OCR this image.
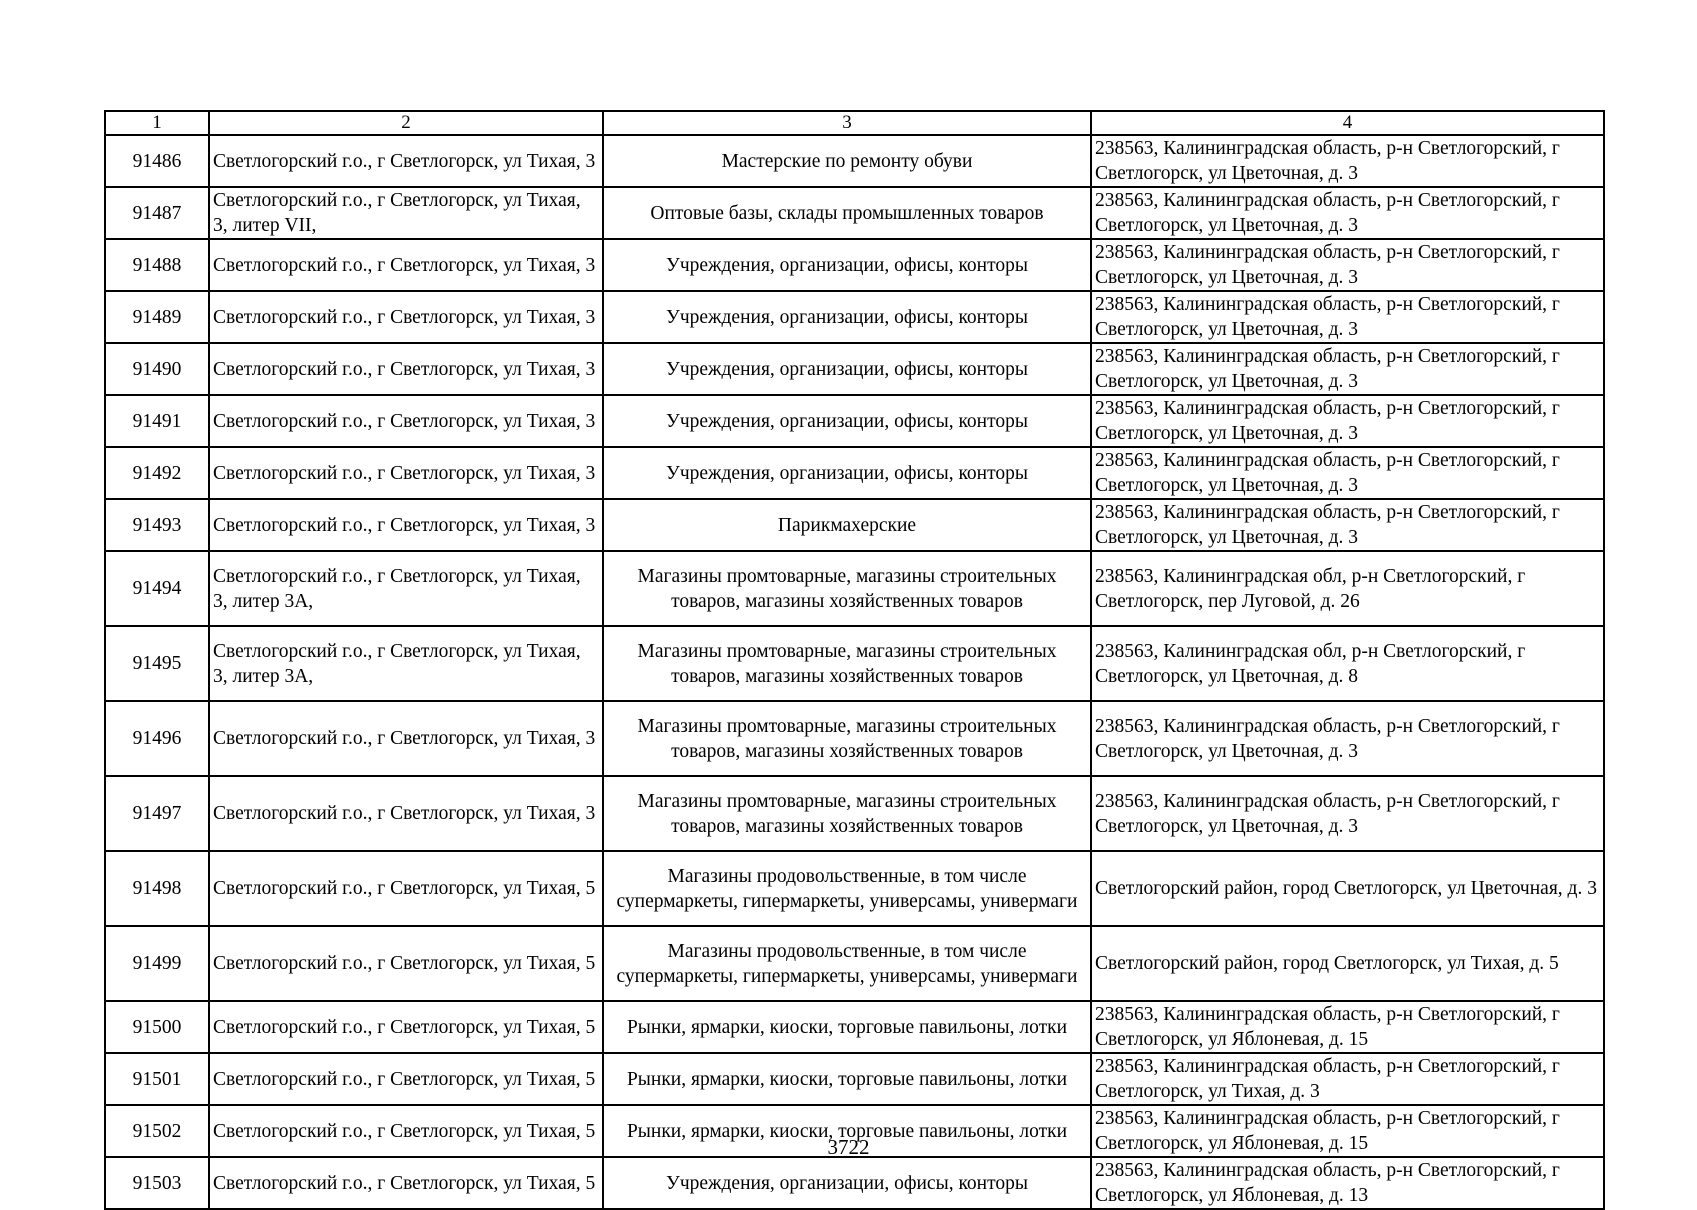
1	2	3	4
91486	Светлогорский г.о., г Светлогорск, ул Тихая, 3	Мастерские по ремонту обуви	238563, Калининградская область, р-н Светлогорский, г Светлогорск, ул Цветочная, д. 3
91487	Светлогорский г.о., г Светлогорск, ул Тихая, 3, литер VII,	Оптовые базы, склады промышленных товаров	238563, Калининградская область, р-н Светлогорский, г Светлогорск, ул Цветочная, д. 3
91488	Светлогорский г.о., г Светлогорск, ул Тихая, 3	Учреждения, организации, офисы, конторы	238563, Калининградская область, р-н Светлогорский, г Светлогорск, ул Цветочная, д. 3
91489	Светлогорский г.о., г Светлогорск, ул Тихая, 3	Учреждения, организации, офисы, конторы	238563, Калининградская область, р-н Светлогорский, г Светлогорск, ул Цветочная, д. 3
91490	Светлогорский г.о., г Светлогорск, ул Тихая, 3	Учреждения, организации, офисы, конторы	238563, Калининградская область, р-н Светлогорский, г Светлогорск, ул Цветочная, д. 3
91491	Светлогорский г.о., г Светлогорск, ул Тихая, 3	Учреждения, организации, офисы, конторы	238563, Калининградская область, р-н Светлогорский, г Светлогорск, ул Цветочная, д. 3
91492	Светлогорский г.о., г Светлогорск, ул Тихая, 3	Учреждения, организации, офисы, конторы	238563, Калининградская область, р-н Светлогорский, г Светлогорск, ул Цветочная, д. 3
91493	Светлогорский г.о., г Светлогорск, ул Тихая, 3	Парикмахерские	238563, Калининградская область, р-н Светлогорский, г Светлогорск, ул Цветочная, д. 3
91494	Светлогорский г.о., г Светлогорск, ул Тихая, 3, литер 3А,	Магазины промтоварные, магазины строительных товаров, магазины хозяйственных товаров	238563, Калининградская обл, р-н Светлогорский, г Светлогорск, пер Луговой, д. 26
91495	Светлогорский г.о., г Светлогорск, ул Тихая, 3, литер 3А,	Магазины промтоварные, магазины строительных товаров, магазины хозяйственных товаров	238563, Калининградская обл, р-н Светлогорский, г Светлогорск, ул Цветочная, д. 8
91496	Светлогорский г.о., г Светлогорск, ул Тихая, 3	Магазины промтоварные, магазины строительных товаров, магазины хозяйственных товаров	238563, Калининградская область, р-н Светлогорский, г Светлогорск, ул Цветочная, д. 3
91497	Светлогорский г.о., г Светлогорск, ул Тихая, 3	Магазины промтоварные, магазины строительных товаров, магазины хозяйственных товаров	238563, Калининградская область, р-н Светлогорский, г Светлогорск, ул Цветочная, д. 3
91498	Светлогорский г.о., г Светлогорск, ул Тихая, 5	Магазины продовольственные, в том числе супермаркеты, гипермаркеты, универсамы, универмаги	Светлогорский район, город Светлогорск, ул Цветочная, д. 3
91499	Светлогорский г.о., г Светлогорск, ул Тихая, 5	Магазины продовольственные, в том числе супермаркеты, гипермаркеты, универсамы, универмаги	Светлогорский район, город Светлогорск, ул Тихая, д. 5
91500	Светлогорский г.о., г Светлогорск, ул Тихая, 5	Рынки, ярмарки, киоски, торговые павильоны, лотки	238563, Калининградская область, р-н Светлогорский, г Светлогорск, ул Яблоневая, д. 15
91501	Светлогорский г.о., г Светлогорск, ул Тихая, 5	Рынки, ярмарки, киоски, торговые павильоны, лотки	238563, Калининградская область, р-н Светлогорский, г Светлогорск, ул Тихая, д. 3
91502	Светлогорский г.о., г Светлогорск, ул Тихая, 5	Рынки, ярмарки, киоски, торговые павильоны, лотки	238563, Калининградская область, р-н Светлогорский, г Светлогорск, ул Яблоневая, д. 15
91503	Светлогорский г.о., г Светлогорск, ул Тихая, 5	Учреждения, организации, офисы, конторы	238563, Калининградская область, р-н Светлогорский, г Светлогорск, ул Яблоневая, д. 13
3722
